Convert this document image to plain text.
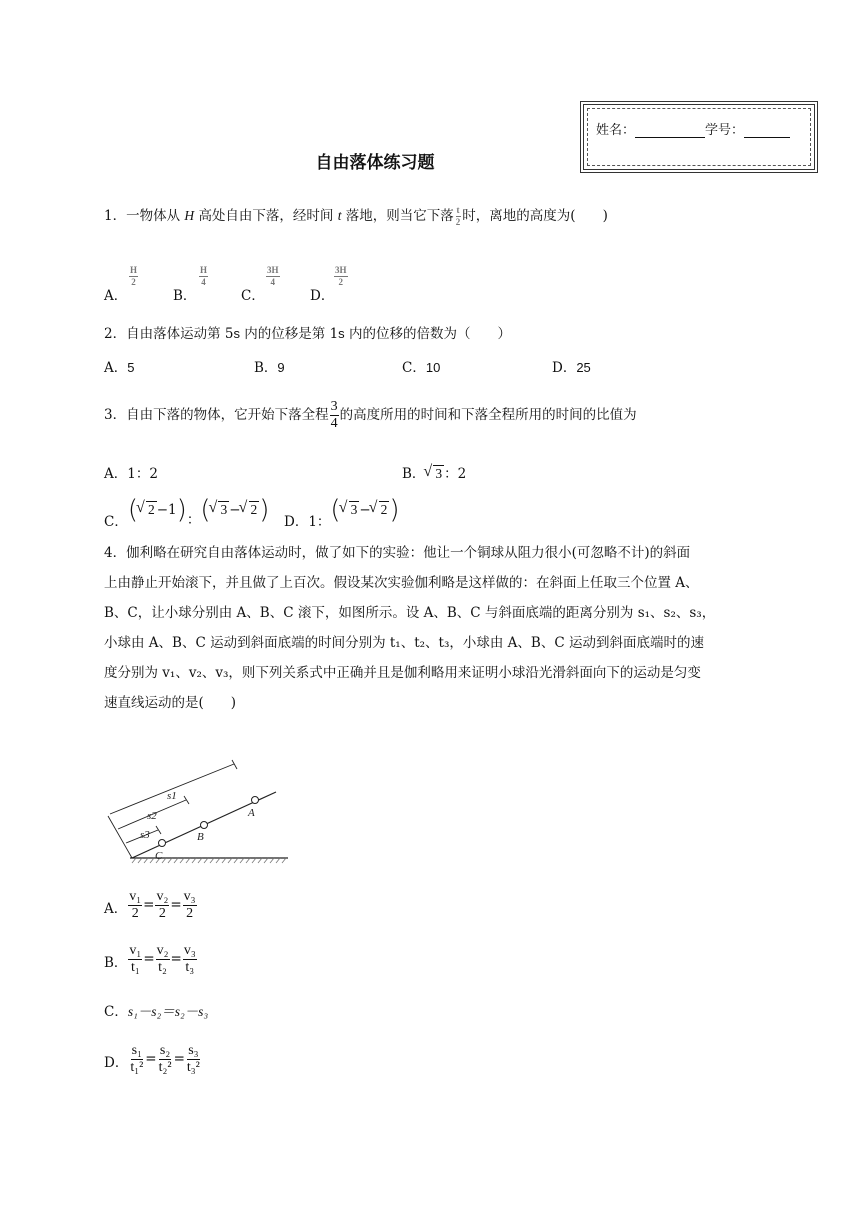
姓名：	学号：
自由落体练习题
1．一物体从 H 高处自由下落，经时间 t 落地，则当它下落 $\frac{t}{2}$ 时，离地的高度为(　　)
A．
$\frac{H}{2}$
B．
$\frac{H}{4}$
C．
$\frac{3H}{4}$
D．
$\frac{3H}{2}$
2．自由落体运动第 5s 内的位移是第 1s 内的位移的倍数为（　　）
A．5	B．9	C．10	D．25
3．自由下落的物体，它开始下落全程 $\frac{3}{4}$ 的高度所用的时间和下落全程所用的时间的比值为
A．1：2	B． √ 3 ：2
C．( √ 2 −1)：( √ 3 − √ 2) D．1：( √ 3 − √ 2)
4．伽利略在研究自由落体运动时，做了如下的实验：他让一个铜球从阻力很小(可忽略不计)的斜面
上由静止开始滚下，并且做了上百次。假设某次实验伽利略是这样做的：在斜面上任取三个位置 A、
B、C，让小球分别由 A、B、C 滚下，如图所示。设 A、B、C 与斜面底端的距离分别为 s₁、s₂、s₃，
小球由 A、B、C 运动到斜面底端的时间分别为 t₁、t₂、t₃，小球由 A、B、C 运动到斜面底端时的速
度分别为 v₁、v₂、v₃，则下列关系式中正确并且是伽利略用来证明小球沿光滑斜面向下的运动是匀变
速直线运动的是(　　)
s1
s2
s3
A
B
C
A． $\frac{\text{v₁}}{2} = \frac{\text{v₂}}{2} = \frac{\text{v₃}}{2}$
B． $\frac{\text{v₁}}{\text{t₁}} = \frac{\text{v₂}}{\text{t₂}} = \frac{\text{v₃}}{\text{t₃}}$
C．s₁－s₂＝s₂－s₃
D． $\frac{\text{s₁}}{\text{t₁²}} = \frac{\text{s₂}}{\text{t₂²}} = \frac{\text{s₃}}{\text{t₃²}}$
